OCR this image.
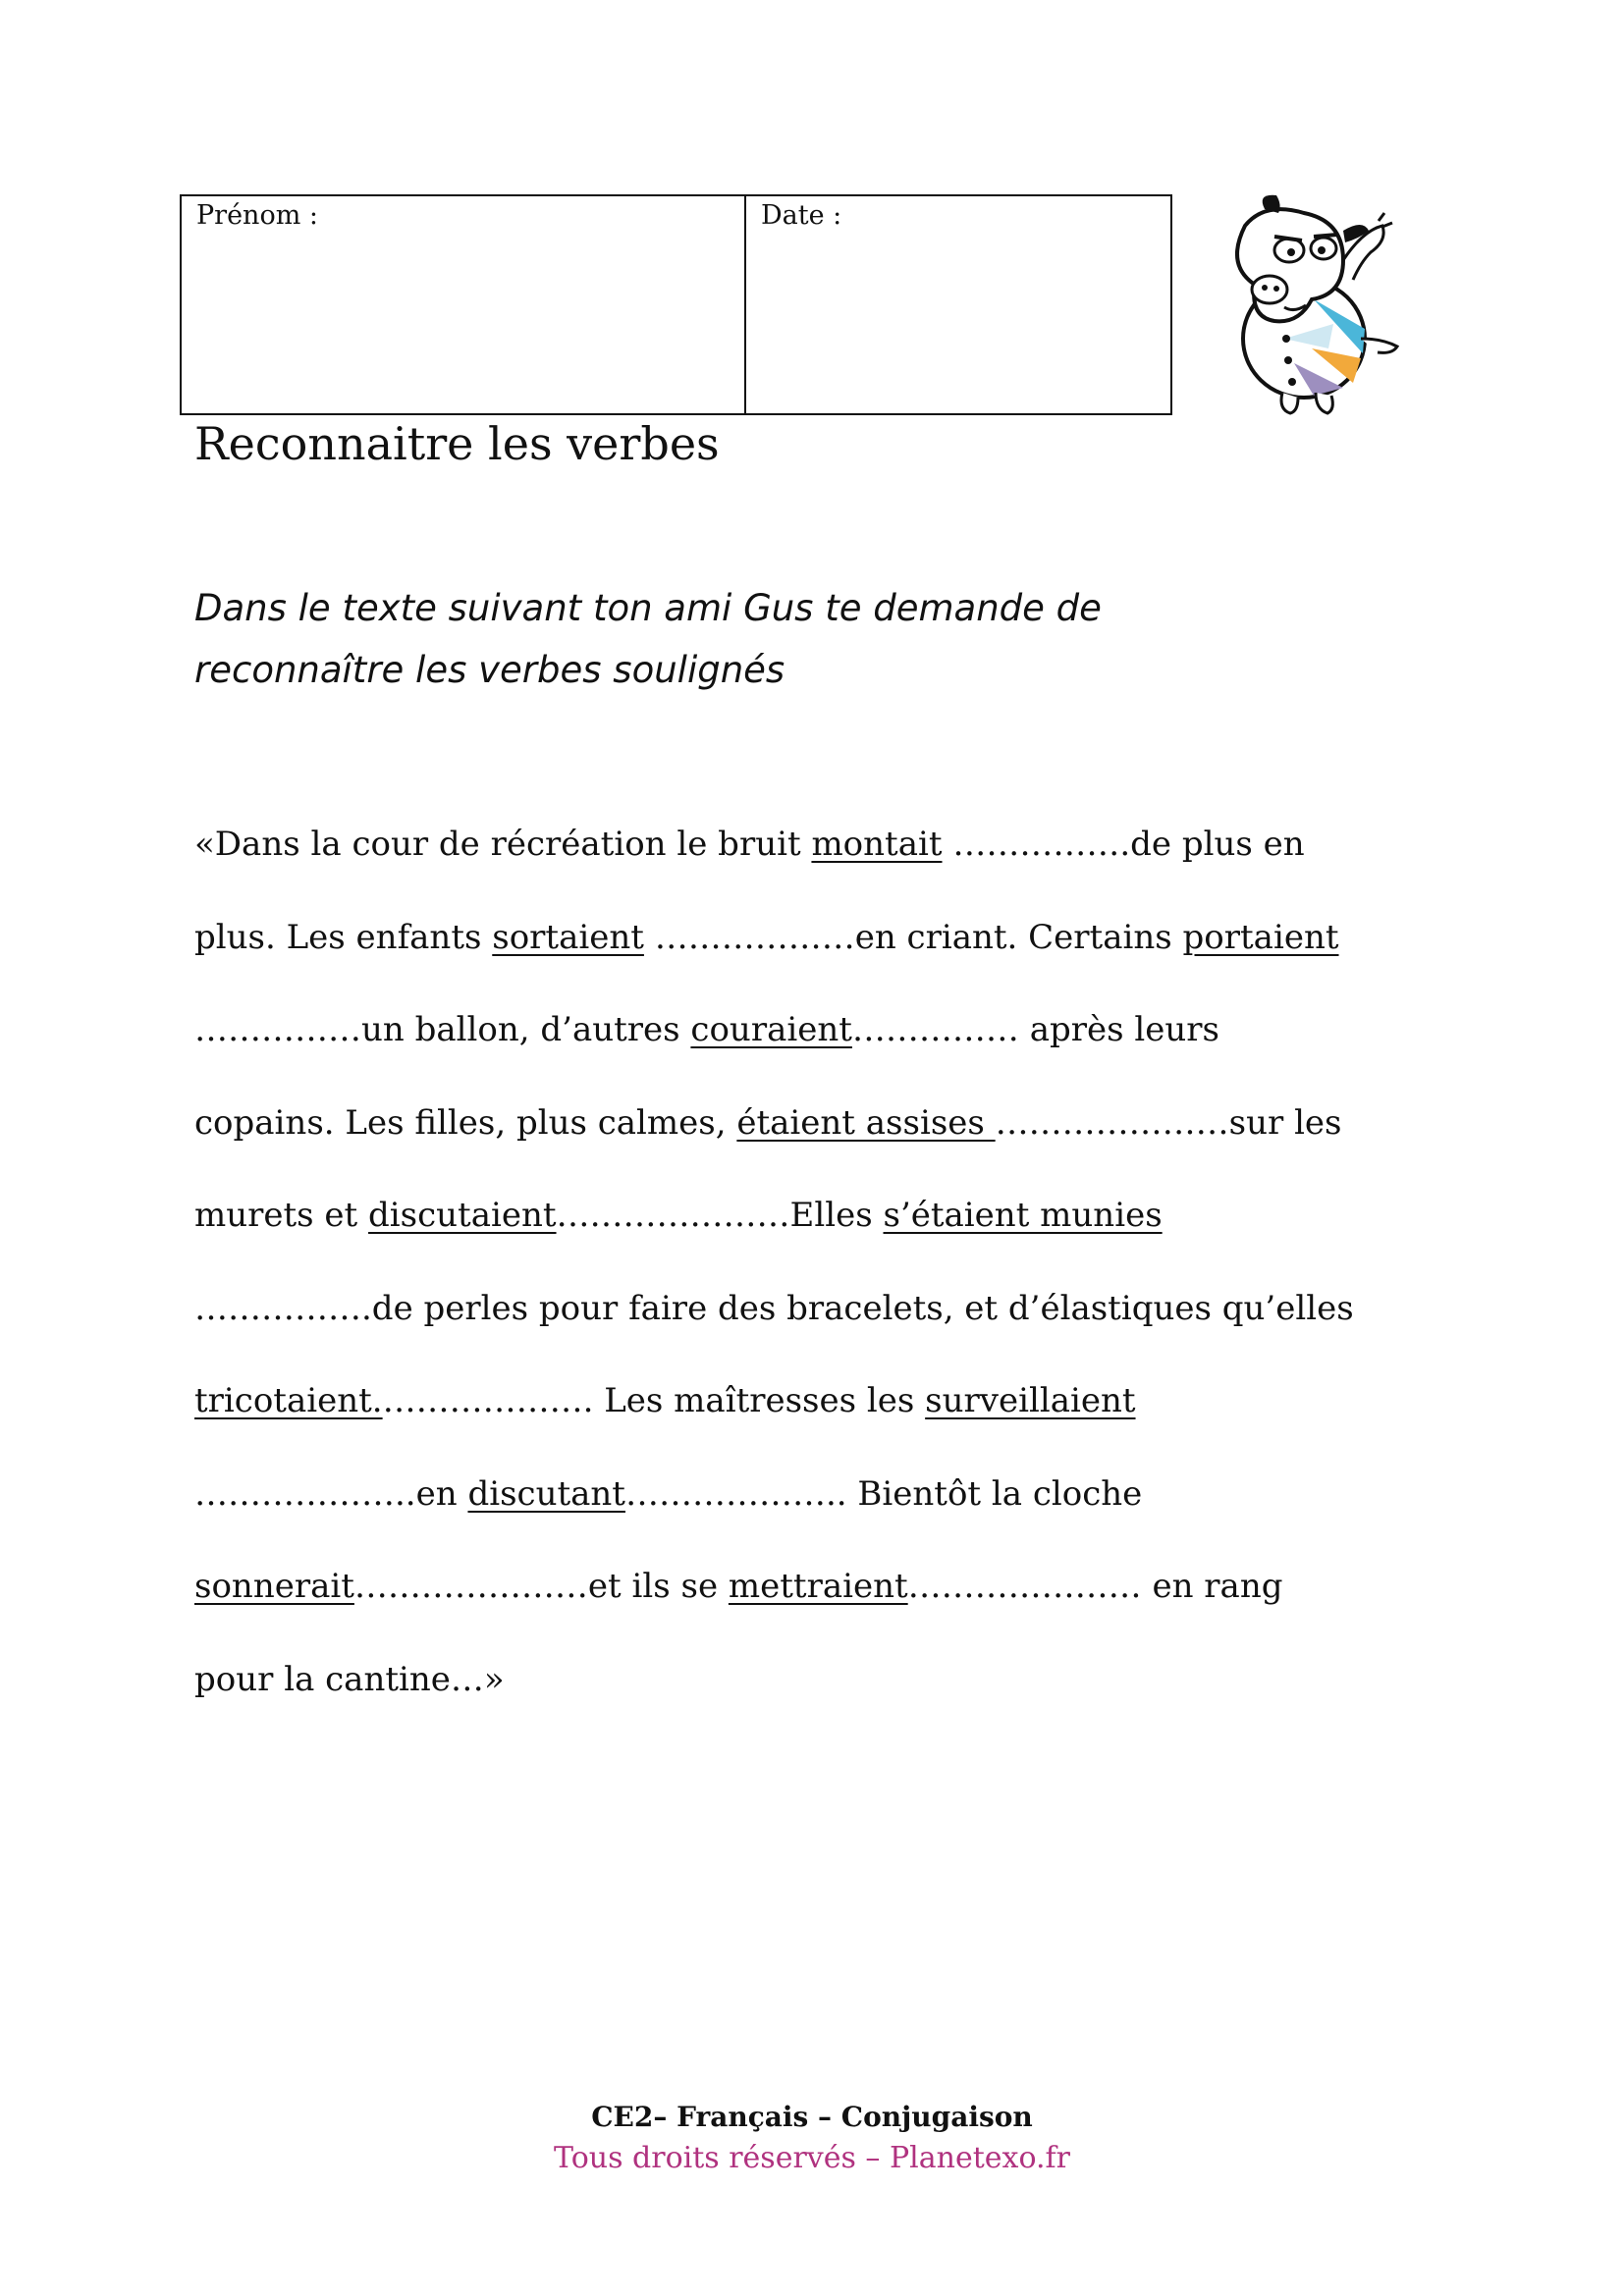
Prénom :	Date :
Reconnaitre les verbes

Dans le texte suivant ton ami Gus te demande de
reconnaître les verbes soulignés

«Dans la cour de récréation le bruit montait …………….de plus en
plus. Les enfants sortaient ………………en criant. Certains portaient
……………un ballon, d’autres couraient…………… après leurs
copains. Les filles, plus calmes, étaient assises …………………sur les
murets et discutaient…………………Elles s’étaient munies
…………….de perles pour faire des bracelets, et d’élastiques qu’elles
tricotaient.………………. Les maîtresses les surveillaient
………………..en discutant……………….. Bientôt la cloche
sonnerait…………………et ils se mettraient………………… en rang
pour la cantine…»
CE2– Français – Conjugaison
Tous droits réservés – Planetexo.fr
